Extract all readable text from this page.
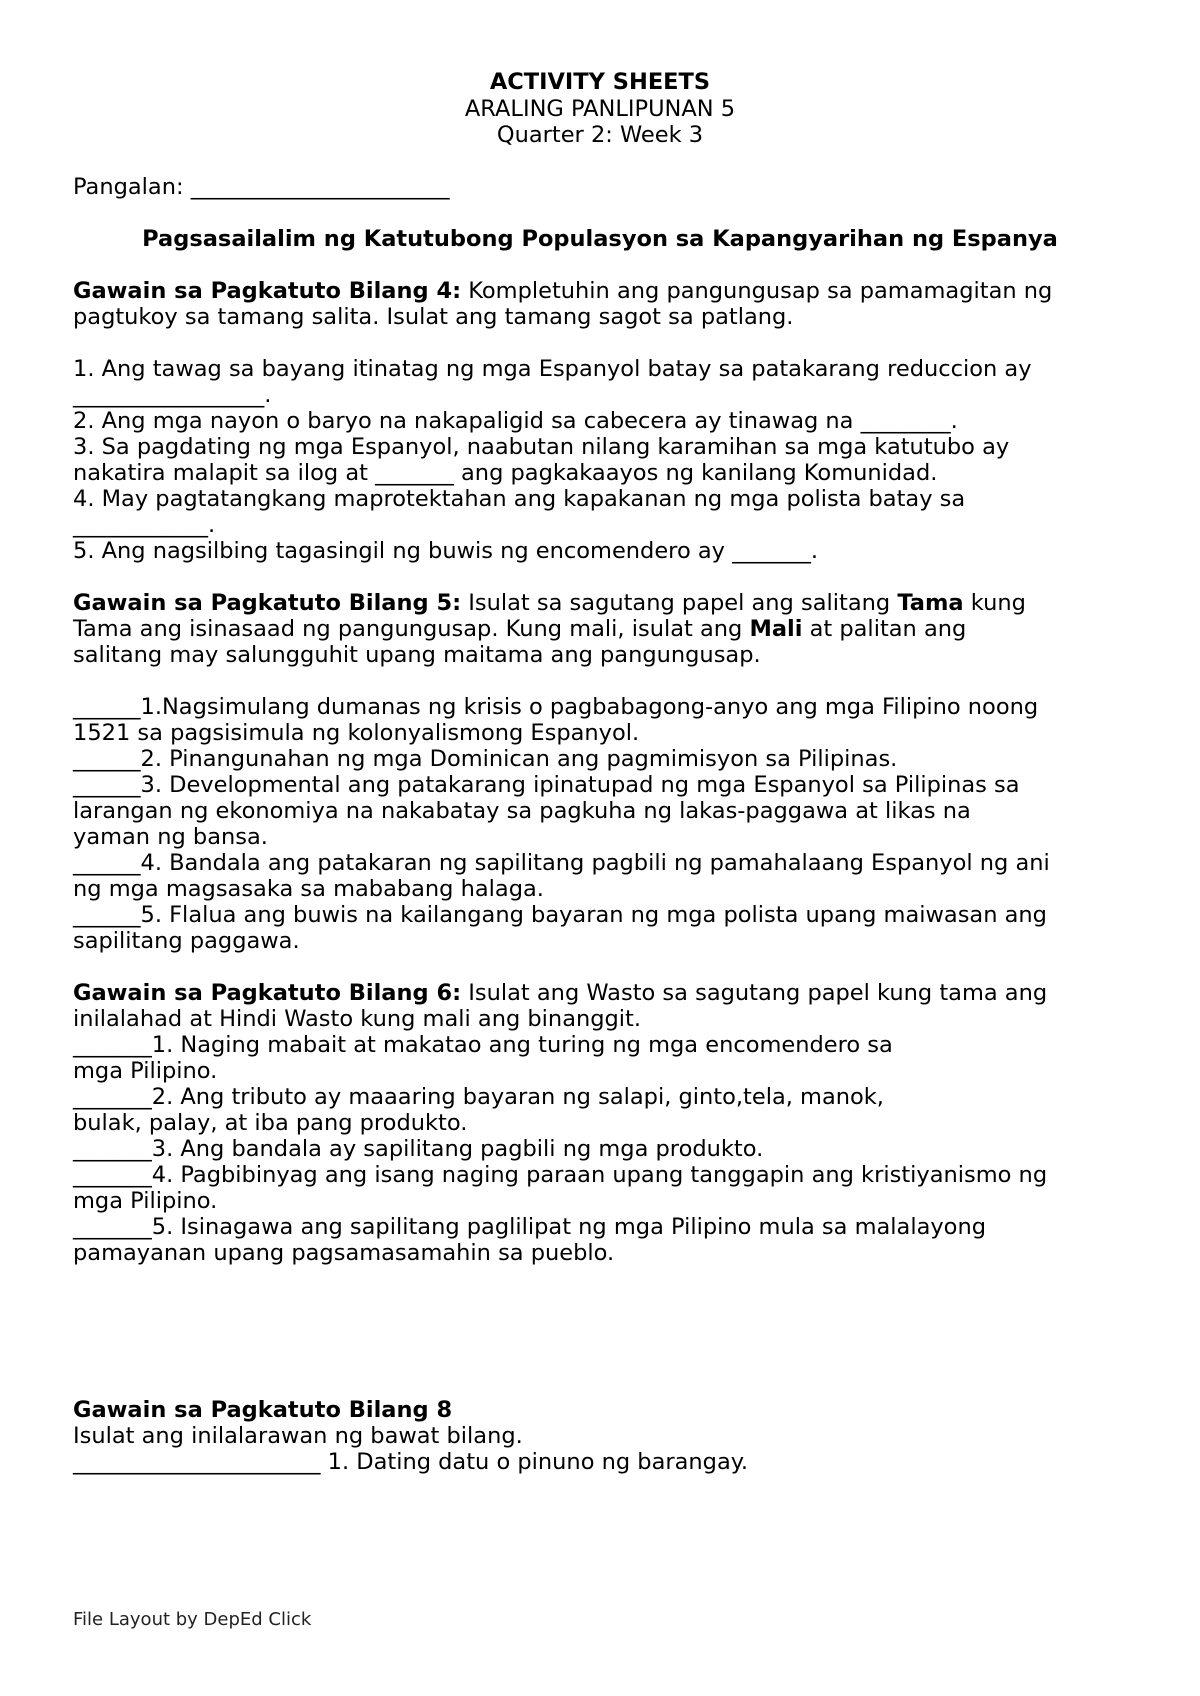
ACTIVITY SHEETS
ARALING PANLIPUNAN 5
Quarter 2: Week 3
Pangalan: _______________________
Pagsasailalim ng Katutubong Populasyon sa Kapangyarihan ng Espanya
Gawain sa Pagkatuto Bilang 4: Kompletuhin ang pangungusap sa pamamagitan ng
pagtukoy sa tamang salita. Isulat ang tamang sagot sa patlang.
1. Ang tawag sa bayang itinatag ng mga Espanyol batay sa patakarang reduccion ay
_________________.
2. Ang mga nayon o baryo na nakapaligid sa cabecera ay tinawag na ________.
3. Sa pagdating ng mga Espanyol, naabutan nilang karamihan sa mga katutubo ay
nakatira malapit sa ilog at _______ ang pagkakaayos ng kanilang Komunidad.
4. May pagtatangkang maprotektahan ang kapakanan ng mga polista batay sa
____________.
5. Ang nagsilbing tagasingil ng buwis ng encomendero ay _______.
Gawain sa Pagkatuto Bilang 5: Isulat sa sagutang papel ang salitang Tama kung
Tama ang isinasaad ng pangungusap. Kung mali, isulat ang Mali at palitan ang
salitang may salungguhit upang maitama ang pangungusap.
______1.Nagsimulang dumanas ng krisis o pagbabagong-anyo ang mga Filipino noong
1521 sa pagsisimula ng kolonyalismong Espanyol.
______2. Pinangunahan ng mga Dominican ang pagmimisyon sa Pilipinas.
______3. Developmental ang patakarang ipinatupad ng mga Espanyol sa Pilipinas sa
larangan ng ekonomiya na nakabatay sa pagkuha ng lakas-paggawa at likas na
yaman ng bansa.
______4. Bandala ang patakaran ng sapilitang pagbili ng pamahalaang Espanyol ng ani
ng mga magsasaka sa mababang halaga.
______5. Flalua ang buwis na kailangang bayaran ng mga polista upang maiwasan ang
sapilitang paggawa.
Gawain sa Pagkatuto Bilang 6: Isulat ang Wasto sa sagutang papel kung tama ang
inilalahad at Hindi Wasto kung mali ang binanggit.
_______1. Naging mabait at makatao ang turing ng mga encomendero sa
mga Pilipino.
_______2. Ang tributo ay maaaring bayaran ng salapi, ginto,tela, manok,
bulak, palay, at iba pang produkto.
_______3. Ang bandala ay sapilitang pagbili ng mga produkto.
_______4. Pagbibinyag ang isang naging paraan upang tanggapin ang kristiyanismo ng
mga Pilipino.
_______5. Isinagawa ang sapilitang paglilipat ng mga Pilipino mula sa malalayong
pamayanan upang pagsamasamahin sa pueblo.
Gawain sa Pagkatuto Bilang 8
Isulat ang inilalarawan ng bawat bilang.
______________________ 1. Dating datu o pinuno ng barangay.
File Layout by DepEd Click
